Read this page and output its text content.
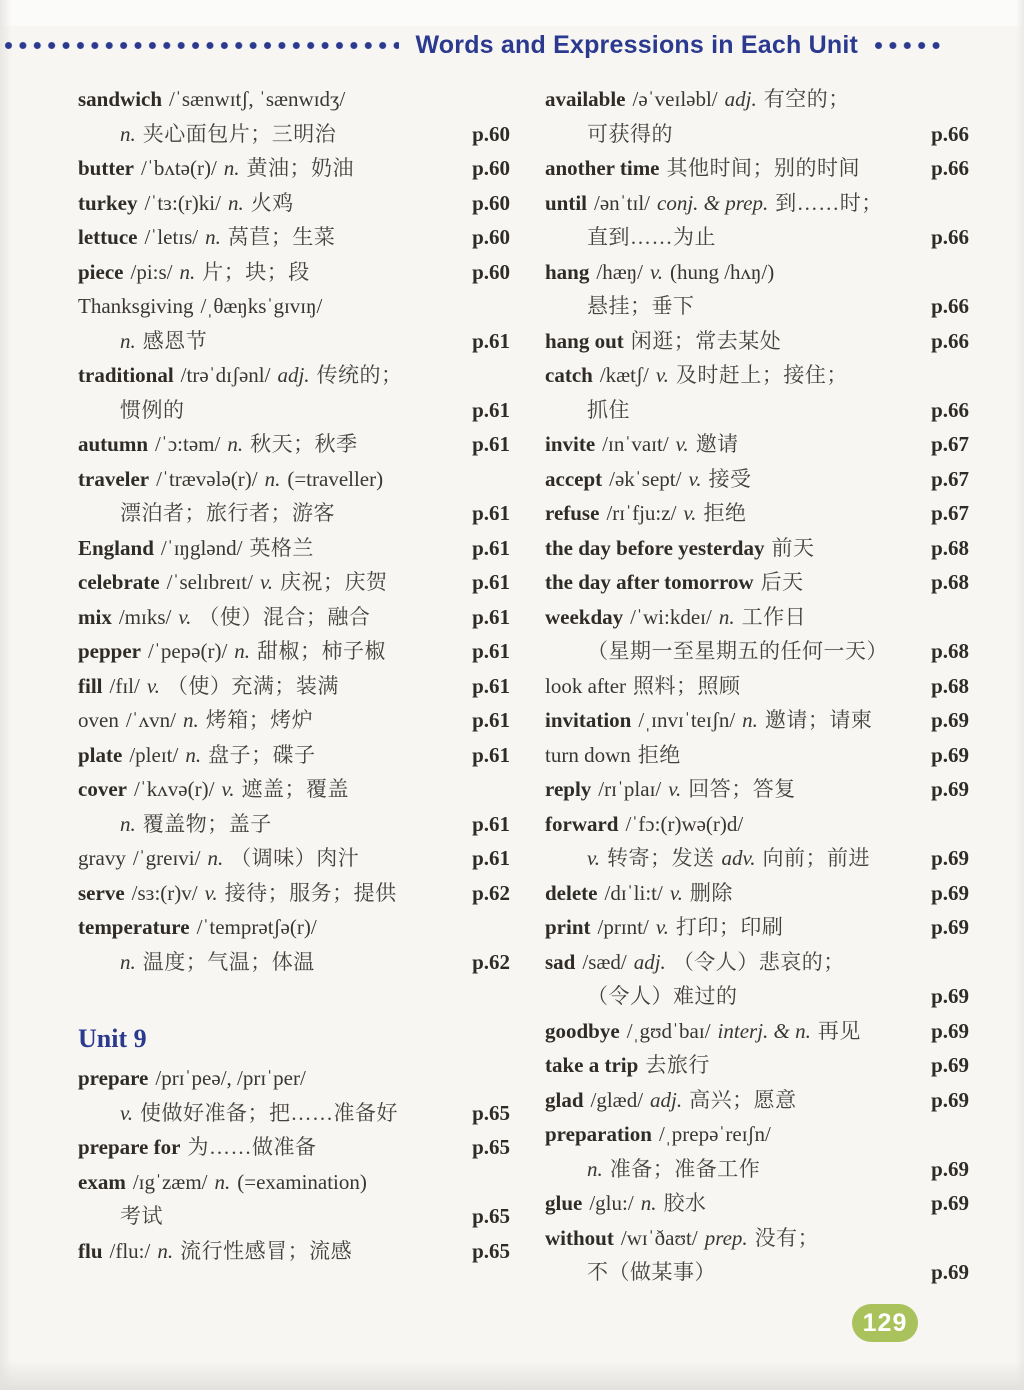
Words and Expressions in Each Unit
sandwich /ˈsænwɪtʃ, ˈsænwɪdʒ/
n. 夹心面包片；三明治	p.60
butter /ˈbʌtə(r)/ n. 黄油；奶油	p.60
turkey /ˈtɜ:(r)ki/ n. 火鸡	p.60
lettuce /ˈletɪs/ n. 莴苣；生菜	p.60
piece /pi:s/ n. 片；块；段	p.60
Thanksgiving /ˌθæŋksˈgɪvɪŋ/
n. 感恩节	p.61
traditional /trəˈdɪʃənl/ adj. 传统的；
惯例的	p.61
autumn /ˈɔ:təm/ n. 秋天；秋季	p.61
traveler /ˈtrævələ(r)/ n. (=traveller)
漂泊者；旅行者；游客	p.61
England /ˈɪŋglənd/ 英格兰	p.61
celebrate /ˈselɪbreɪt/ v. 庆祝；庆贺	p.61
mix /mɪks/ v. （使）混合；融合	p.61
pepper /ˈpepə(r)/ n. 甜椒；柿子椒	p.61
fill /fɪl/ v. （使）充满；装满	p.61
oven /ˈʌvn/ n. 烤箱；烤炉	p.61
plate /pleɪt/ n. 盘子；碟子	p.61
cover /ˈkʌvə(r)/ v. 遮盖；覆盖
n. 覆盖物；盖子	p.61
gravy /ˈgreɪvi/ n. （调味）肉汁	p.61
serve /sɜ:(r)v/ v. 接待；服务；提供	p.62
temperature /ˈtemprətʃə(r)/
n. 温度；气温；体温	p.62
Unit 9
prepare /prɪˈpeə/, /prɪˈper/
v. 使做好准备；把……准备好	p.65
prepare for 为……做准备	p.65
exam /ɪgˈzæm/ n. (=examination)
考试	p.65
flu /flu:/ n. 流行性感冒；流感	p.65
available /əˈveɪləbl/ adj. 有空的；
可获得的	p.66
another time 其他时间；别的时间	p.66
until /ənˈtɪl/ conj. & prep. 到……时；
直到……为止	p.66
hang /hæŋ/ v. (hung /hʌŋ/)
悬挂；垂下	p.66
hang out 闲逛；常去某处	p.66
catch /kætʃ/ v. 及时赶上；接住；
抓住	p.66
invite /ɪnˈvaɪt/ v. 邀请	p.67
accept /əkˈsept/ v. 接受	p.67
refuse /rɪˈfju:z/ v. 拒绝	p.67
the day before yesterday 前天	p.68
the day after tomorrow 后天	p.68
weekday /ˈwi:kdeɪ/ n. 工作日
（星期一至星期五的任何一天）	p.68
look after 照料；照顾	p.68
invitation /ˌɪnvɪˈteɪʃn/ n. 邀请；请柬	p.69
turn down 拒绝	p.69
reply /rɪˈplaɪ/ v. 回答；答复	p.69
forward /ˈfɔ:(r)wə(r)d/
v. 转寄；发送 adv. 向前；前进	p.69
delete /dɪˈli:t/ v. 删除	p.69
print /prɪnt/ v. 打印；印刷	p.69
sad /sæd/ adj. （令人）悲哀的；
（令人）难过的	p.69
goodbye /ˌgʊdˈbaɪ/ interj. & n. 再见	p.69
take a trip 去旅行	p.69
glad /glæd/ adj. 高兴；愿意	p.69
preparation /ˌprepəˈreɪʃn/
n. 准备；准备工作	p.69
glue /glu:/ n. 胶水	p.69
without /wɪˈðaʊt/ prep. 没有；
不（做某事）	p.69
129
